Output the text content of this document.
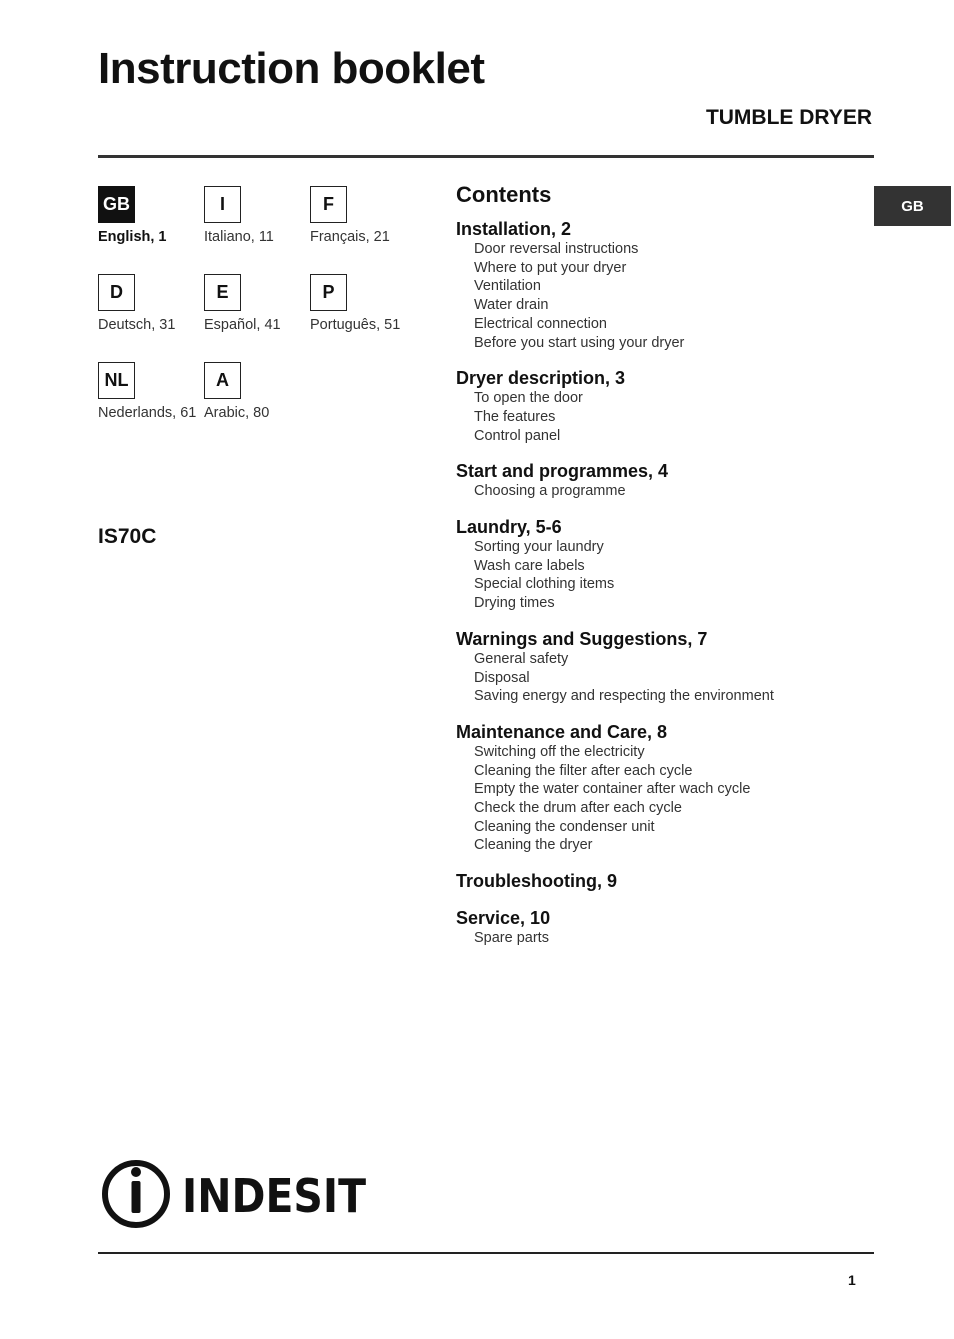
Instruction booklet
TUMBLE DRYER
GB
GB
English, 1
I
Italiano, 11
F
Français, 21
D
Deutsch, 31
E
Español, 41
P
Português, 51
NL
Nederlands, 61
A
Arabic, 80
IS70C
Contents
Installation, 2
Door reversal instructions
Where to put your dryer
Ventilation
Water drain
Electrical connection
Before you start using your dryer
Dryer description, 3
To open the door
The features
Control panel
Start and programmes, 4
Choosing a programme
Laundry, 5-6
Sorting your laundry
Wash care labels
Special clothing items
Drying times
Warnings and Suggestions, 7
General safety
Disposal
Saving energy and respecting the environment
Maintenance and Care, 8
Switching off the electricity
Cleaning the filter after each cycle
Empty the water container after wach cycle
Check the drum after each cycle
Cleaning the condenser unit
Cleaning the dryer
Troubleshooting, 9
Service, 10
Spare parts
INDESIT
1
